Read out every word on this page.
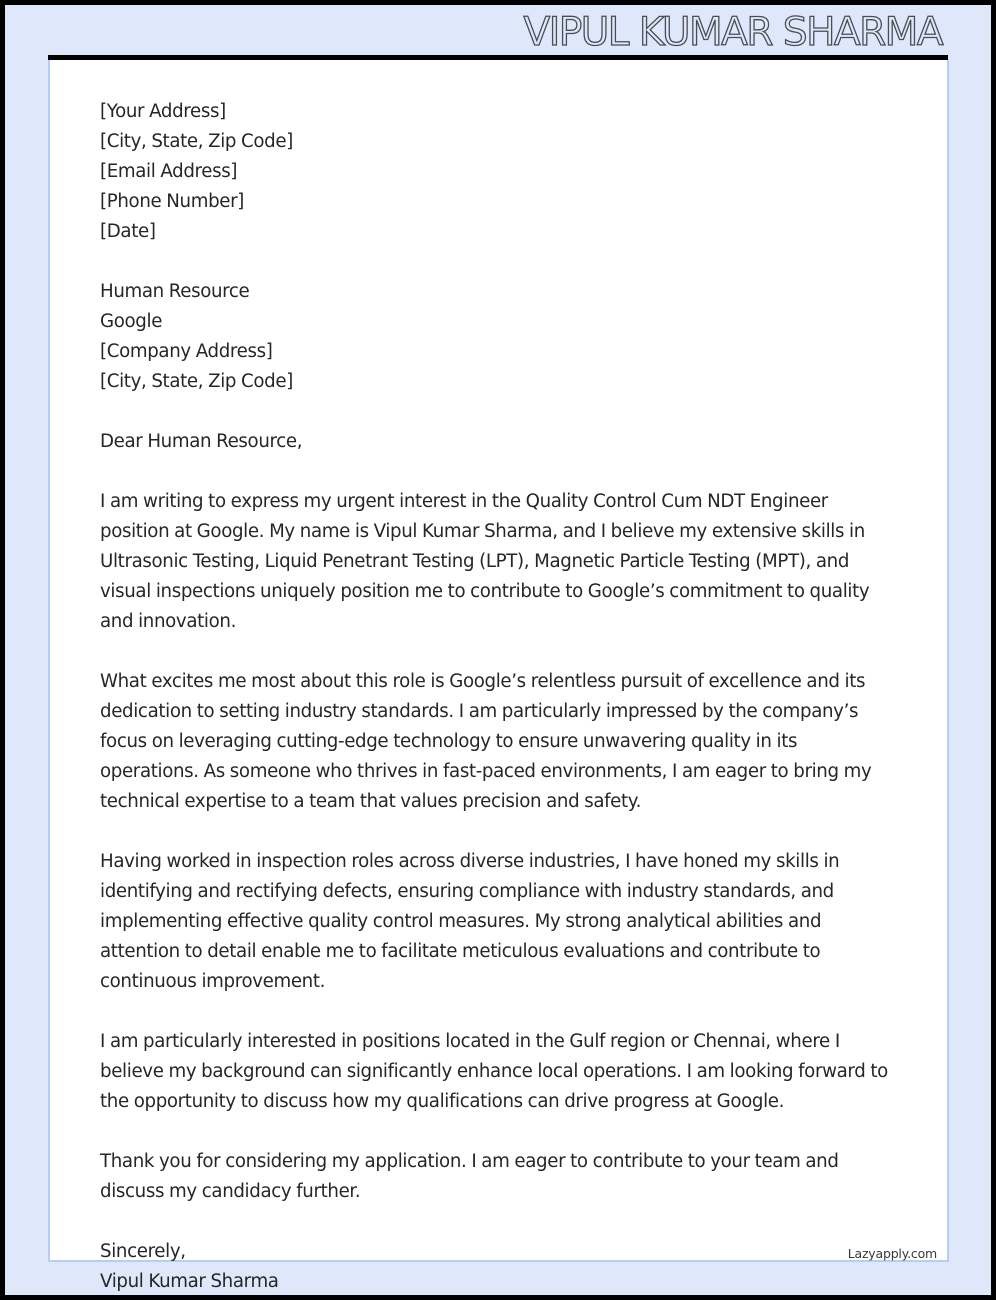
VIPUL KUMAR SHARMA
[Your Address]
[City, State, Zip Code]
[Email Address]
[Phone Number]
[Date]
Human Resource
Google
[Company Address]
[City, State, Zip Code]
Dear Human Resource,
I am writing to express my urgent interest in the Quality Control Cum NDT Engineer
position at Google. My name is Vipul Kumar Sharma, and I believe my extensive skills in
Ultrasonic Testing, Liquid Penetrant Testing (LPT), Magnetic Particle Testing (MPT), and
visual inspections uniquely position me to contribute to Google’s commitment to quality
and innovation.
What excites me most about this role is Google’s relentless pursuit of excellence and its
dedication to setting industry standards. I am particularly impressed by the company’s
focus on leveraging cutting-edge technology to ensure unwavering quality in its
operations. As someone who thrives in fast-paced environments, I am eager to bring my
technical expertise to a team that values precision and safety.
Having worked in inspection roles across diverse industries, I have honed my skills in
identifying and rectifying defects, ensuring compliance with industry standards, and
implementing effective quality control measures. My strong analytical abilities and
attention to detail enable me to facilitate meticulous evaluations and contribute to
continuous improvement.
I am particularly interested in positions located in the Gulf region or Chennai, where I
believe my background can significantly enhance local operations. I am looking forward to
the opportunity to discuss how my qualifications can drive progress at Google.
Thank you for considering my application. I am eager to contribute to your team and
discuss my candidacy further.
Sincerely,
Vipul Kumar Sharma
Lazyapply.com
